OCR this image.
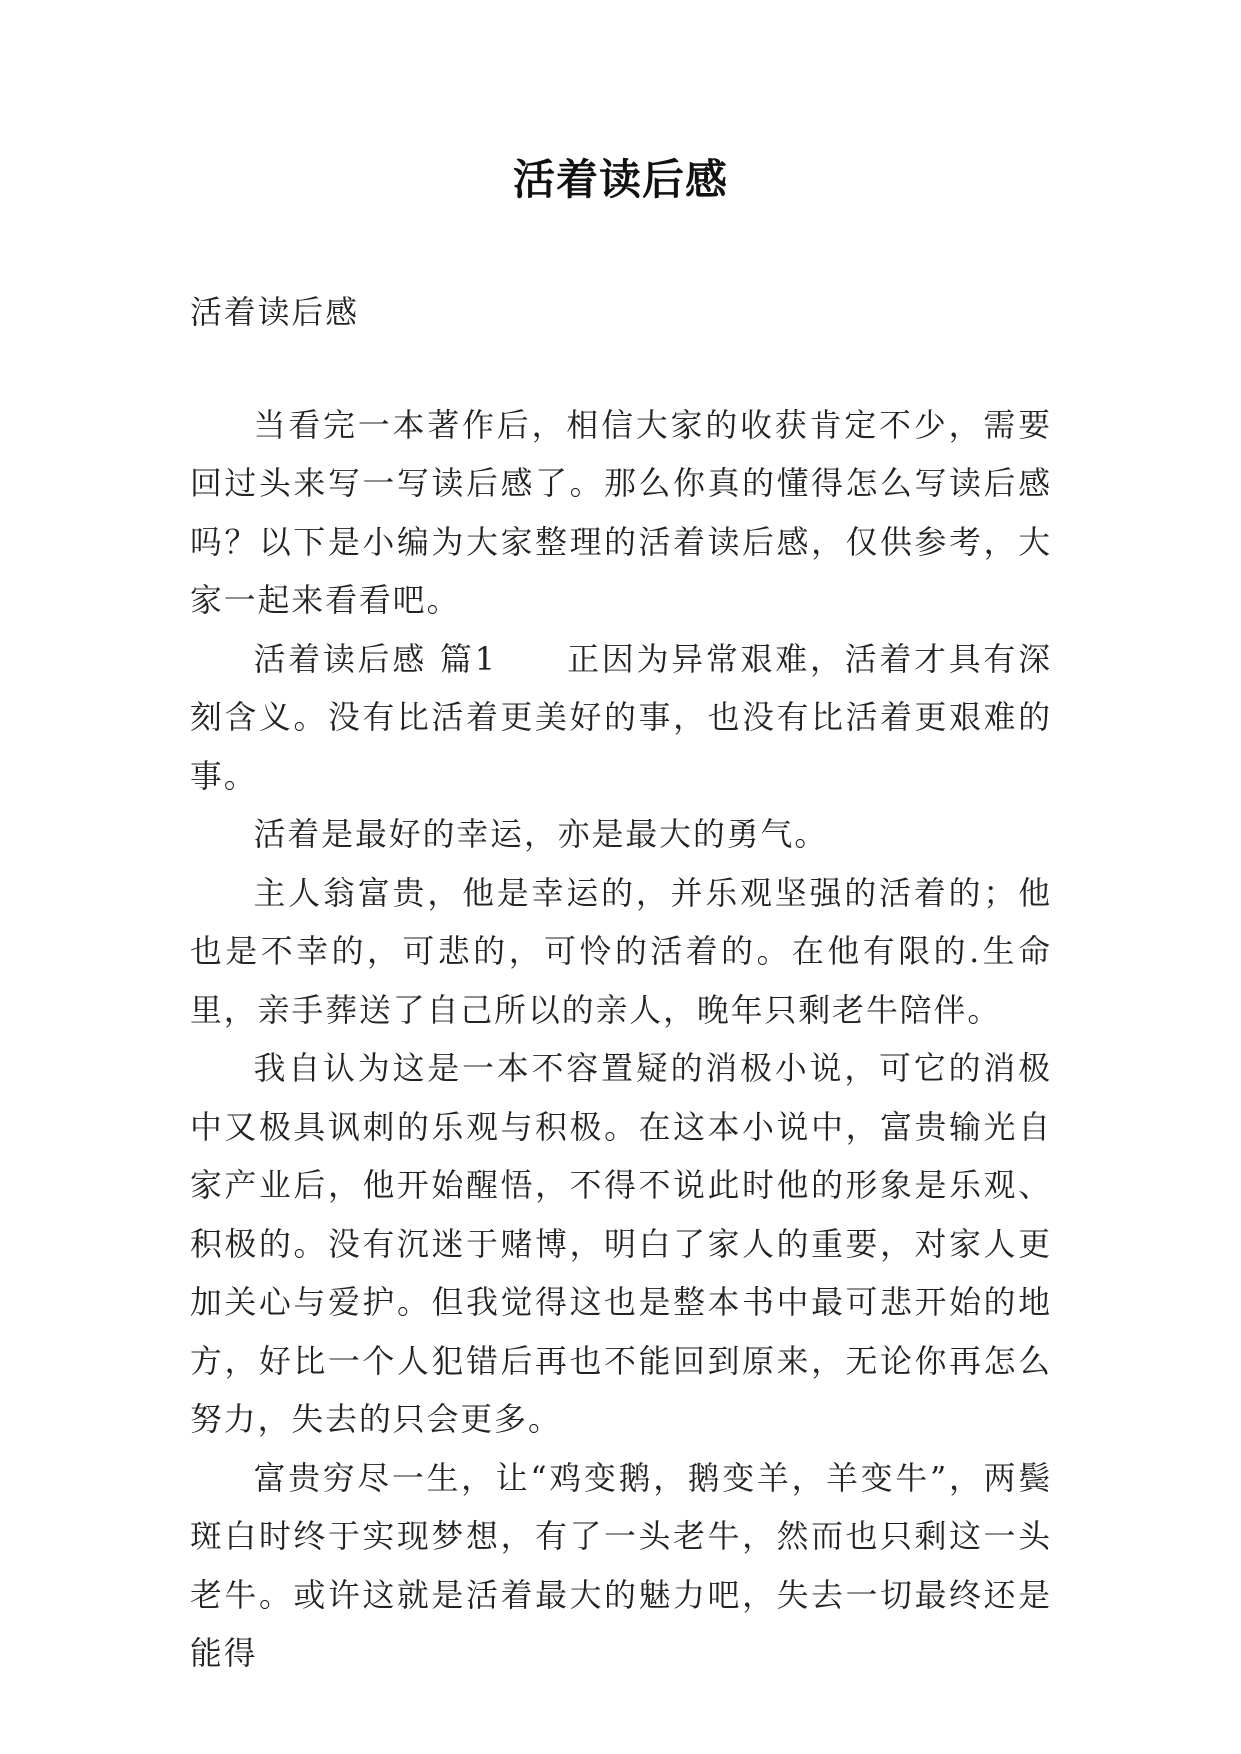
活着读后感

活着读后感

当看完一本著作后，相信大家的收获肯定不少，需要回过头来写一写读后感了。那么你真的懂得怎么写读后感吗？以下是小编为大家整理的活着读后感，仅供参考，大家一起来看看吧。

活着读后感 篇1　　正因为异常艰难，活着才具有深刻含义。没有比活着更美好的事，也没有比活着更艰难的事。

活着是最好的幸运，亦是最大的勇气。

主人翁富贵，他是幸运的，并乐观坚强的活着的；他也是不幸的，可悲的，可怜的活着的。在他有限的.生命里，亲手葬送了自己所以的亲人，晚年只剩老牛陪伴。

我自认为这是一本不容置疑的消极小说，可它的消极中又极具讽刺的乐观与积极。在这本小说中，富贵输光自家产业后，他开始醒悟，不得不说此时他的形象是乐观、积极的。没有沉迷于赌博，明白了家人的重要，对家人更加关心与爱护。但我觉得这也是整本书中最可悲开始的地方，好比一个人犯错后再也不能回到原来，无论你再怎么努力，失去的只会更多。

富贵穷尽一生，让“鸡变鹅，鹅变羊，羊变牛”，两鬓斑白时终于实现梦想，有了一头老牛，然而也只剩这一头老牛。或许这就是活着最大的魅力吧，失去一切最终还是能得
